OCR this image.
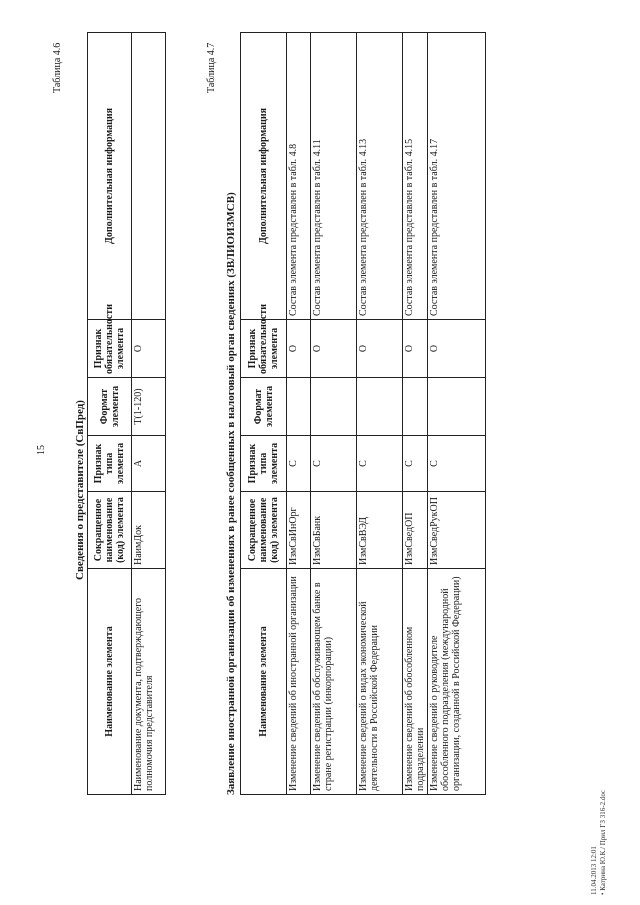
15
Таблица 4.6
Сведения о представителе (СвПред)
Наименование элемента	Сокращенное наименование (код) элемента	Признак типа элемента	Формат элемента	Признак обязательности элемента	Дополнительная информация
Наименование документа, подтверждающего полномочия представителя	НаимДок	А	Т(1-120)	О	
Таблица 4.7
Заявление иностранной организации об изменениях в ранее сообщенных в налоговый орган сведениях (ЗВЛИОИЗМСВ) Наименование элемента	Сокращенное наименование (код) элемента	Признак типа элемента	Формат элемента	Признак обязательности элемента	Дополнительная информация
Изменение сведений об иностранной организации	ИзмСвИнОрг	С		О	Состав элемента представлен в табл. 4.8
Изменение сведений об обслуживающем банке в стране регистрации (инкорпорации)	ИзмСвБанк	С		О	Состав элемента представлен в табл. 4.11
Изменение сведений о видах экономической деятельности в Российской Федерации	ИзмСвВЭД	С		О	Состав элемента представлен в табл. 4.13
Изменение сведений об обособленном подразделении	ИзмСведОП	С		О	Состав элемента представлен в табл. 4.15
Изменение сведений о руководителе обособленного подразделения (международной организации, созданной в Российской Федерации)	ИзмСведРукОП	С		О	Состав элемента представлен в табл. 4.17
11.04.2013 12:01 • Катрина Ю.К./ Прил ГЗ 316-2.doc
